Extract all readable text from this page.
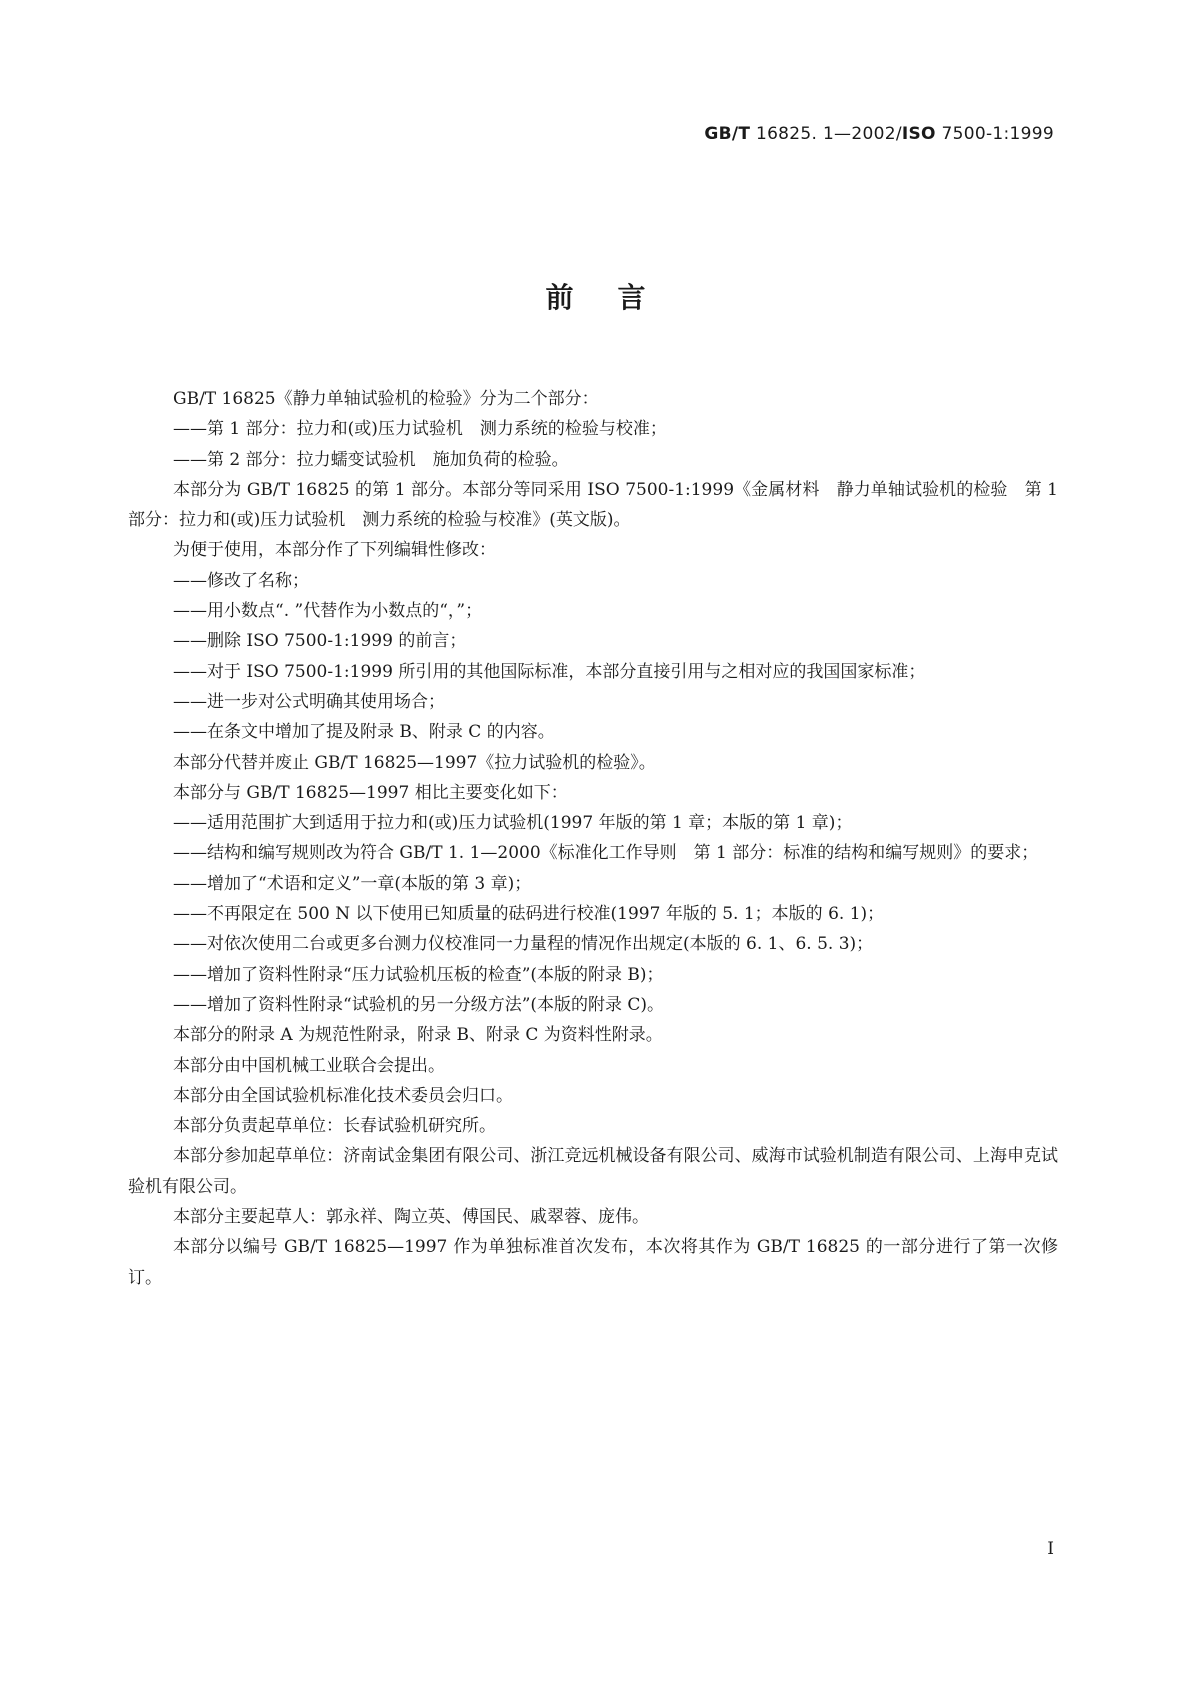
GB/T 16825. 1—2002/ISO 7500-1:1999
前言

GB/T 16825《静力单轴试验机的检验》分为二个部分：

——第 1 部分：拉力和(或)压力试验机　测力系统的检验与校准；

——第 2 部分：拉力蠕变试验机　施加负荷的检验。

本部分为 GB/T 16825 的第 1 部分。本部分等同采用 ISO 7500-1:1999《金属材料　静力单轴试验机的检验　第 1 部分：拉力和(或)压力试验机　测力系统的检验与校准》(英文版)。

为便于使用，本部分作了下列编辑性修改：

——修改了名称；

——用小数点“. ”代替作为小数点的“，”；

——删除 ISO 7500-1:1999 的前言；

——对于 ISO 7500-1:1999 所引用的其他国际标准，本部分直接引用与之相对应的我国国家标准；

——进一步对公式明确其使用场合；

——在条文中增加了提及附录 B、附录 C 的内容。

本部分代替并废止 GB/T 16825—1997《拉力试验机的检验》。

本部分与 GB/T 16825—1997 相比主要变化如下：

——适用范围扩大到适用于拉力和(或)压力试验机(1997 年版的第 1 章；本版的第 1 章)；

——结构和编写规则改为符合 GB/T 1. 1—2000《标准化工作导则　第 1 部分：标准的结构和编写规则》的要求；

——增加了“术语和定义”一章(本版的第 3 章)；

——不再限定在 500 N 以下使用已知质量的砝码进行校准(1997 年版的 5. 1；本版的 6. 1)；

——对依次使用二台或更多台测力仪校准同一力量程的情况作出规定(本版的 6. 1、6. 5. 3)；

——增加了资料性附录“压力试验机压板的检查”(本版的附录 B)；

——增加了资料性附录“试验机的另一分级方法”(本版的附录 C)。

本部分的附录 A 为规范性附录，附录 B、附录 C 为资料性附录。

本部分由中国机械工业联合会提出。

本部分由全国试验机标准化技术委员会归口。

本部分负责起草单位：长春试验机研究所。

本部分参加起草单位：济南试金集团有限公司、浙江竞远机械设备有限公司、威海市试验机制造有限公司、上海申克试验机有限公司。

本部分主要起草人：郭永祥、陶立英、傅国民、戚翠蓉、庞伟。

本部分以编号 GB/T 16825—1997 作为单独标准首次发布，本次将其作为 GB/T 16825 的一部分进行了第一次修订。

I
